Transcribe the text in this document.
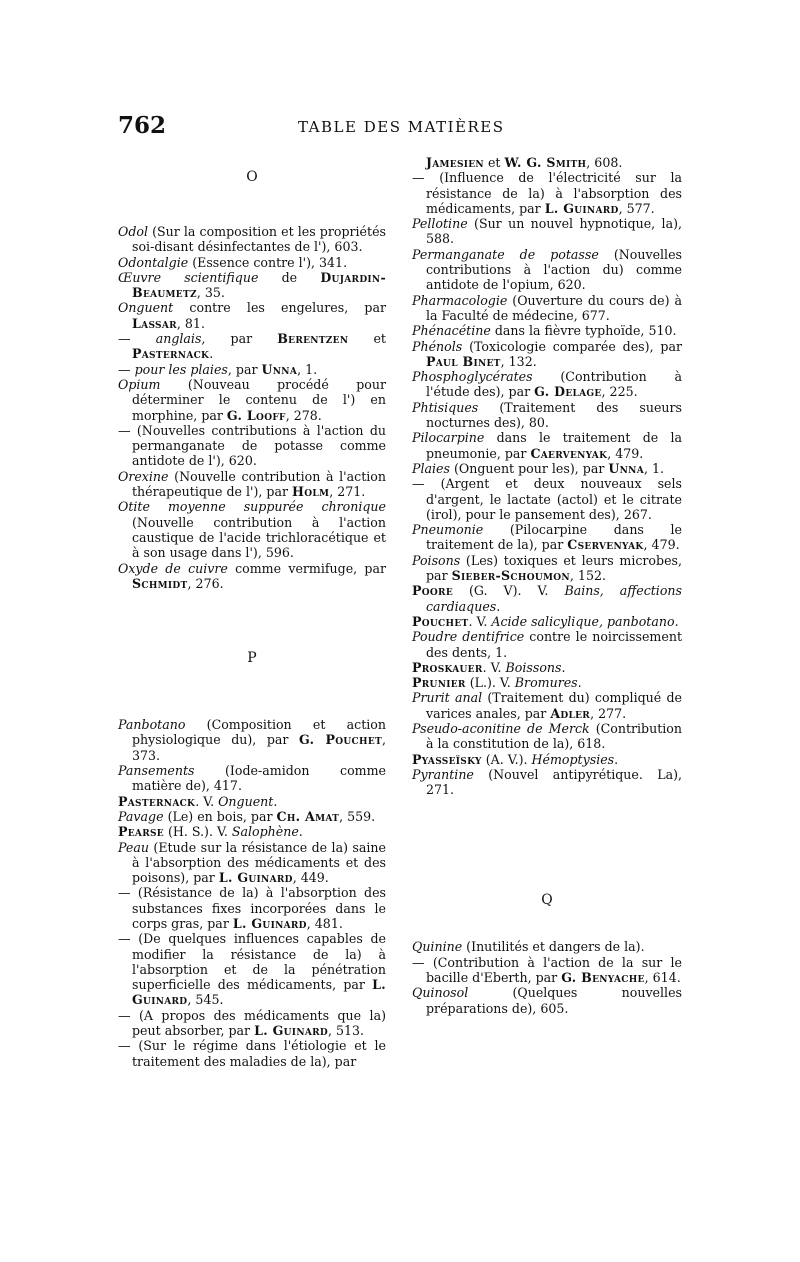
762	TABLE DES MATIÈRES
O
Odol (Sur la composition et les propriétés soi-disant désinfectantes de l'), 603.
Odontalgie (Essence contre l'), 341.
Œuvre scientifique de Dujardin-Beaumetz, 35.
Onguent contre les engelures, par Lassar, 81.
— anglais, par Berentzen et Pasternack.
— pour les plaies, par Unna, 1.
Opium (Nouveau procédé pour déterminer le contenu de l') en morphine, par G. Looff, 278.
— (Nouvelles contributions à l'action du permanganate de potasse comme antidote de l'), 620.
Orexine (Nouvelle contribution à l'action thérapeutique de l'), par Holm, 271.
Otite moyenne suppurée chronique (Nouvelle contribution à l'action caustique de l'acide trichloracétique et à son usage dans l'), 596.
Oxyde de cuivre comme vermifuge, par Schmidt, 276.
P
Panbotano (Composition et action physiologique du), par G. Pouchet, 373.
Pansements (Iode-amidon comme matière de), 417.
Pasternack. V. Onguent.
Pavage (Le) en bois, par Ch. Amat, 559.
Pearse (H. S.). V. Salophène.
Peau (Etude sur la résistance de la) saine à l'absorption des médicaments et des poisons), par L. Guinard, 449.
— (Résistance de la) à l'absorption des substances fixes incorporées dans le corps gras, par L. Guinard, 481.
— (De quelques influences capables de modifier la résistance de la) à l'absorption et de la pénétration superficielle des médicaments, par L. Guinard, 545.
— (A propos des médicaments que la) peut absorber, par L. Guinard, 513.
— (Sur le régime dans l'étiologie et le traitement des maladies de la), par
Jamesien et W. G. Smith, 608.
— (Influence de l'électricité sur la résistance de la) à l'absorption des médicaments, par L. Guinard, 577.
Pellotine (Sur un nouvel hypnotique, la), 588.
Permanganate de potasse (Nouvelles contributions à l'action du) comme antidote de l'opium, 620.
Pharmacologie (Ouverture du cours de) à la Faculté de médecine, 677.
Phénacétine dans la fièvre typhoïde, 510.
Phénols (Toxicologie comparée des), par Paul Binet, 132.
Phosphoglycérates (Contribution à l'étude des), par G. Delage, 225.
Phtisiques (Traitement des sueurs nocturnes des), 80.
Pilocarpine dans le traitement de la pneumonie, par Caervenyak, 479.
Plaies (Onguent pour les), par Unna, 1.
— (Argent et deux nouveaux sels d'argent, le lactate (actol) et le citrate (irol), pour le pansement des), 267.
Pneumonie (Pilocarpine dans le traitement de la), par Cservenyak, 479.
Poisons (Les) toxiques et leurs microbes, par Sieber-Schoumon, 152.
Poore (G. V). V. Bains, affections cardiaques.
Pouchet. V. Acide salicylique, panbotano.
Poudre dentifrice contre le noircissement des dents, 1.
Proskauer. V. Boissons.
Prunier (L.). V. Bromures.
Prurit anal (Traitement du) compliqué de varices anales, par Adler, 277.
Pseudo-aconitine de Merck (Contribution à la constitution de la), 618.
Pyasseïsky (A. V.). Hémoptysies.
Pyrantine (Nouvel antipyrétique. La), 271.
Q
Quinine (Inutilités et dangers de la).
— (Contribution à l'action de la sur le bacille d'Eberth, par G. Benyache, 614.
Quinosol (Quelques nouvelles préparations de), 605.
